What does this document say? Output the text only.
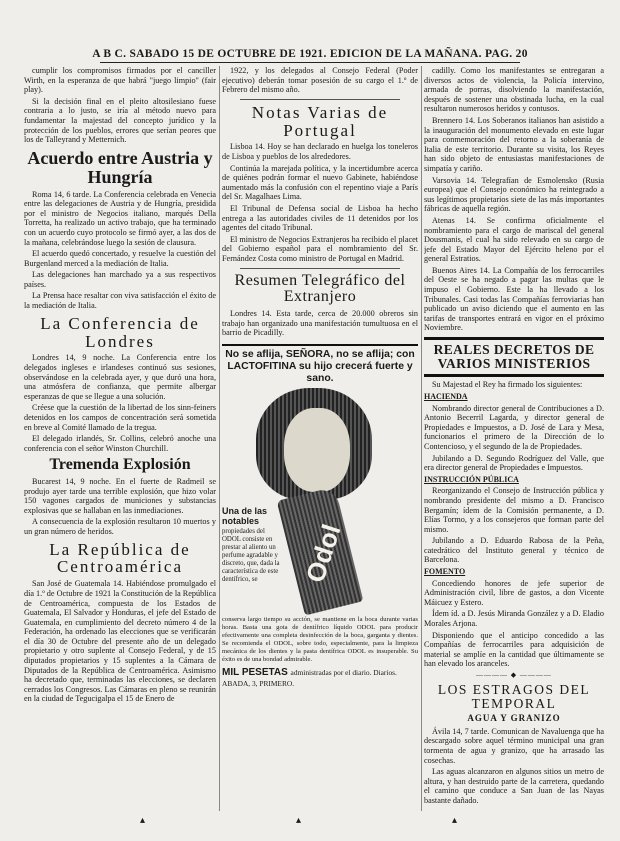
A B C. SABADO 15 DE OCTUBRE DE 1921. EDICION DE LA MAÑANA. PAG. 20

cumplir los compromisos firmados por el canciller Wirth, en la esperanza de que habrá "juego limpio" (fair play).

Si la decisión final en el pleito altosilesiano fuese contraria a lo justo, se iría al método nuevo para fundamentar la majestad del concepto jurídico y la protección de los pueblos, errores que serían peores que los de Talleyrand y Metternich.

Acuerdo entre Austria y Hungría

Roma 14, 6 tarde. La Conferencia celebrada en Venecia entre las delegaciones de Austria y de Hungría, presidida por el ministro de Negocios italiano, marqués Della Torretta, ha realizado un activo trabajo, que ha terminado con un acuerdo cuyo protocolo se firmó ayer, a las dos de la mañana, celebrándose luego la sesión de clausura.

El acuerdo quedó concertado, y resuelve la cuestión del Burgenland merced a la mediación de Italia.

Las delegaciones han marchado ya a sus respectivos países.

La Prensa hace resaltar con viva satisfacción el éxito de la mediación de Italia.

La Conferencia de Londres

Londres 14, 9 noche. La Conferencia entre los delegados ingleses e irlandeses continuó sus sesiones, observándose en la celebrada ayer, y que duró una hora, una atmósfera de confianza, que permite albergar esperanzas de que se llegue a una solución.

Créese que la cuestión de la libertad de los sinn-feiners detenidos en los campos de concentración será sometida en breve al Comité llamado de la tregua.

El delegado irlandés, Sr. Collins, celebró anoche una conferencia con el señor Winston Churchill.

Tremenda Explosión

Bucarest 14, 9 noche. En el fuerte de Radmeil se produjo ayer tarde una terrible explosión, que hizo volar 150 vagones cargados de municiones y substancias explosivas que se hallaban en las inmediaciones.

A consecuencia de la explosión resultaron 10 muertos y un gran número de heridos.

La República de Centroamérica

San José de Guatemala 14. Habiéndose promulgado el día 1.º de Octubre de 1921 la Constitución de la República de Centroamérica, compuesta de los Estados de Guatemala, El Salvador y Honduras, el jefe del Estado de Guatemala, en cumplimiento del decreto número 4 de la Federación, ha ordenado las elecciones que se verificarán el día 30 de Octubre del presente año de un delegado propietario y otro suplente al Consejo Federal, y de 15 diputados propietarios y 15 suplentes a la Cámara de Diputados de la República de Centroamérica. Asimismo ha decretado que, terminadas las elecciones, se declaren cerrados los Congresos. Las Cámaras en pleno se reunirán en la ciudad de Tegucigalpa el 15 de Enero de

1922, y los delegados al Consejo Federal (Poder ejecutivo) deberán tomar posesión de su cargo el 1.º de Febrero del mismo año.

Notas Varias de Portugal

Lisboa 14. Hoy se han declarado en huelga los toneleros de Lisboa y pueblos de los alrededores.

Continúa la marejada política, y la incertidumbre acerca de quiénes podrán formar el nuevo Gabinete, habiéndose aumentado más la confusión con el repentino viaje a París del Sr. Magalhaes Lima.

El Tribunal de Defensa social de Lisboa ha hecho entrega a las autoridades civiles de 11 detenidos por los agentes del citado Tribunal.

El ministro de Negocios Extranjeros ha recibido el placet del Gobierno español para el nombramiento del Sr. Fernández Costa como ministro de Portugal en Madrid.

Resumen Telegráfico del Extranjero

Londres 14. Esta tarde, cerca de 20.000 obreros sin trabajo han organizado una manifestación tumultuosa en el barrio de Picadilly.

No se aflija, SEÑORA, no se aflija; con LACTOFITINA su hijo crecerá fuerte y sano.
Odol
Una de las notables
propiedades del ODOL consiste en prestar al aliento un perfume agradable y discreto, que, dada la característica de este dentífrico, se
conserva largo tiempo su acción, se mantiene en la boca durante varias horas. Basta una gota de dentífrico líquido ODOL para producir efectivamente una completa desinfección de la boca, garganta y dientes. Se recomienda el ODOL, sobre todo, especialmente, para la limpieza mecánica de los dientes y la pasta dentífrica ODOL es insuperable. Su éxito es de una bondad admirable.
MIL PESETAS administradas por el diario. Diarios. ABADA, 3, PRIMERO.

cadilly. Como los manifestantes se entregaran a diversos actos de violencia, la Policía intervino, armada de porras, disolviendo la manifestación, después de sostener una obstinada lucha, en la cual resultaron numerosos heridos y contusos.

Brennero 14. Los Soberanos italianos han asistido a la inauguración del monumento elevado en este lugar para conmemoración del retorno a la soberanía de Italia de este territorio. Durante su visita, los Reyes han sido objeto de entusiastas manifestaciones de simpatía y cariño.

Varsovia 14. Telegrafían de Esmolensko (Rusia europea) que el Consejo económico ha reintegrado a sus legítimos propietarios siete de las más importantes fábricas de aquella región.

Atenas 14. Se confirma oficialmente el nombramiento para el cargo de mariscal del general Dousmanis, el cual ha sido relevado en su cargo de jefe del Estado Mayor del Ejército heleno por el general Estratios.

Buenos Aires 14. La Compañía de los ferrocarriles del Oeste se ha negado a pagar las multas que le impuso el Gobierno. Este la ha llevado a los Tribunales. Casi todas las Compañías ferroviarias han publicado un aviso diciendo que el aumento en las tarifas de transportes entrará en vigor en el próximo Noviembre.

REALES DECRETOS DE VARIOS MINISTERIOS

Su Majestad el Rey ha firmado los siguientes:

HACIENDA

Nombrando director general de Contribuciones a D. Antonio Becerril Lagarda, y director general de Propiedades e Impuestos, a D. José de Lara y Mesa, funcionarios el primero de la Dirección de lo Contencioso, y el segundo de la de Propiedades.

Jubilando a D. Segundo Rodríguez del Valle, que era director general de Propiedades e Impuestos.

INSTRUCCIÓN PÚBLICA

Reorganizando el Consejo de Instrucción pública y nombrando presidente del mismo a D. Francisco Bergamín; ídem de la Comisión permanente, a D. Elías Tormo, y a los consejeros que forman parte del mismo.

Jubilando a D. Eduardo Rabosa de la Peña, catedrático del Instituto general y técnico de Barcelona.

FOMENTO

Concediendo honores de jefe superior de Administración civil, libre de gastos, a don Vicente Máicuez y Estero.

Ídem íd. a D. Jesús Miranda González y a D. Eladio Morales Arjona.

Disponiendo que el anticipo concedido a las Compañías de ferrocarriles para adquisición de material se amplíe en la cantidad que últimamente se han elevado los aranceles.

———— ◆ ————
LOS ESTRAGOS DEL TEMPORAL
AGUA Y GRANIZO

Ávila 14, 7 tarde. Comunican de Navaluenga que ha descargado sobre aquel término municipal una gran tormenta de agua y granizo, que ha arrasado las cosechas.

Las aguas alcanzaron en algunos sitios un metro de altura, y han destruido parte de la carretera, quedando el camino que conduce a San Juan de las Nayas bastante dañado.

▴	▴	▴
